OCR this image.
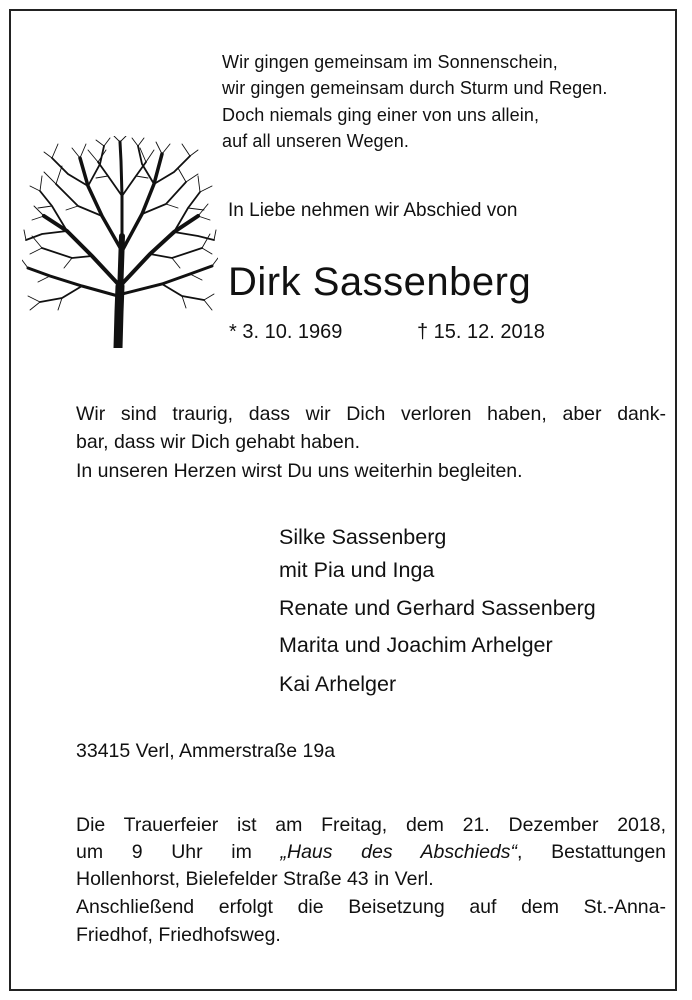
Wir gingen gemeinsam im Sonnenschein,
wir gingen gemeinsam durch Sturm und Regen.
Doch niemals ging einer von uns allein,
auf all unseren Wegen.
In Liebe nehmen wir Abschied von
Dirk Sassenberg
* 3. 10. 1969	† 15. 12. 2018
Wir sind traurig, dass wir Dich verloren haben, aber dank-
bar, dass wir Dich gehabt haben.
In unseren Herzen wirst Du uns weiterhin begleiten.
Silke Sassenberg
mit Pia und Inga
Renate und Gerhard Sassenberg
Marita und Joachim Arhelger
Kai Arhelger
33415 Verl, Ammerstraße 19a
Die Trauerfeier ist am Freitag, dem 21. Dezember 2018,
um 9 Uhr im „Haus des Abschieds“, Bestattungen
Hollenhorst, Bielefelder Straße 43 in Verl.
Anschließend erfolgt die Beisetzung auf dem St.-Anna-
Friedhof, Friedhofsweg.
